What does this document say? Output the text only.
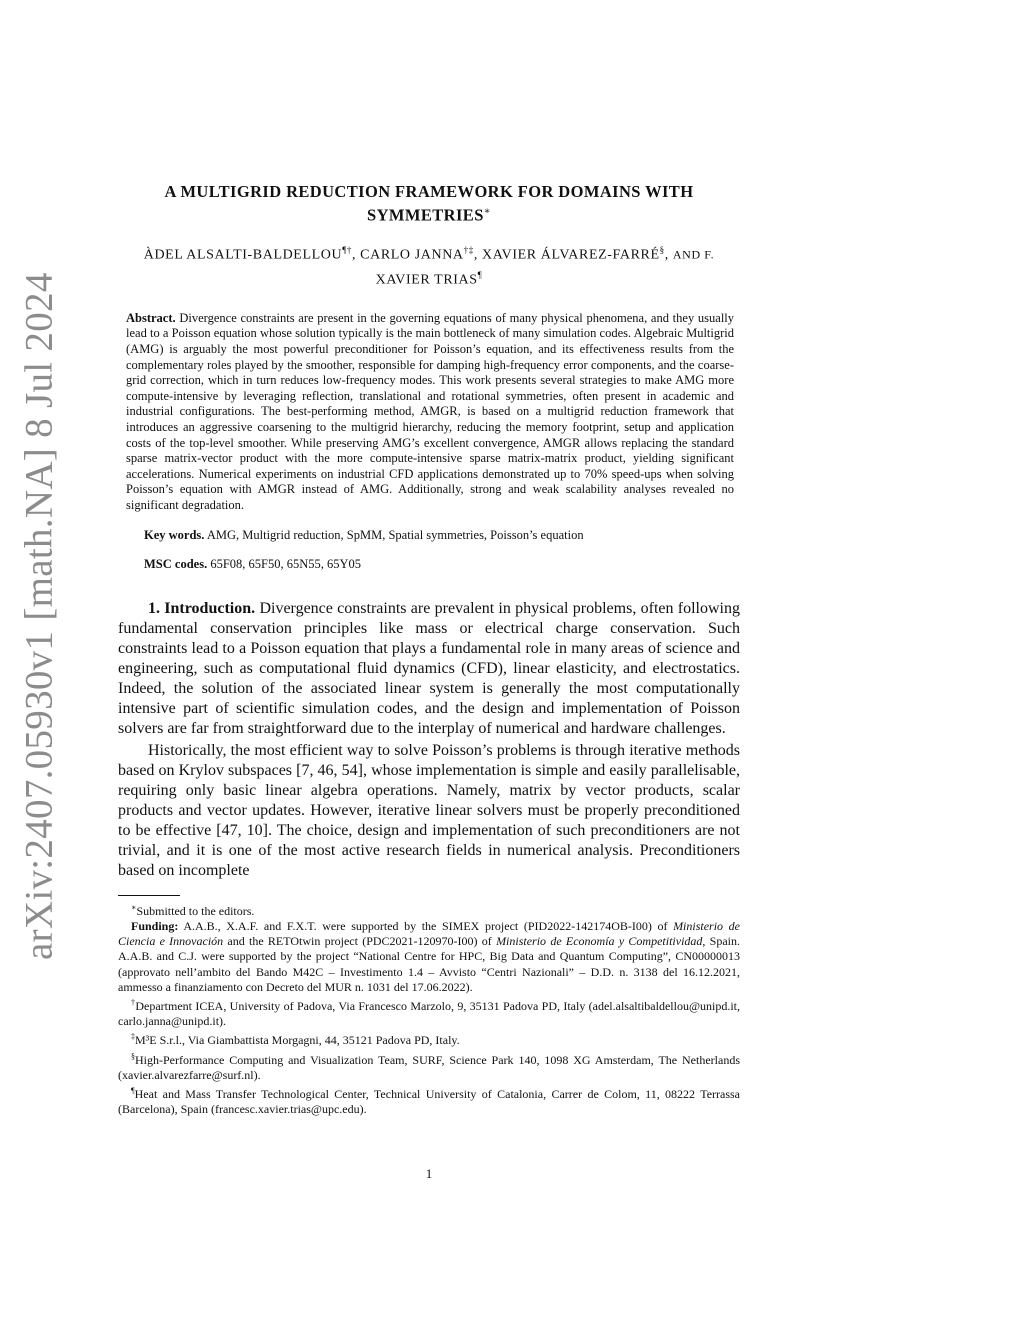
arXiv:2407.05930v1 [math.NA] 8 Jul 2024
A MULTIGRID REDUCTION FRAMEWORK FOR DOMAINS WITH
SYMMETRIES∗
ÀDEL ALSALTI-BALDELLOU¶†, CARLO JANNA†‡, XAVIER ÁLVAREZ-FARRÉ§, AND F.
XAVIER TRIAS¶
Abstract. Divergence constraints are present in the governing equations of many physical phenomena, and they usually lead to a Poisson equation whose solution typically is the main bottleneck of many simulation codes. Algebraic Multigrid (AMG) is arguably the most powerful preconditioner for Poisson’s equation, and its effectiveness results from the complementary roles played by the smoother, responsible for damping high-frequency error components, and the coarse-grid correction, which in turn reduces low-frequency modes. This work presents several strategies to make AMG more compute-intensive by leveraging reflection, translational and rotational symmetries, often present in academic and industrial configurations. The best-performing method, AMGR, is based on a multigrid reduction framework that introduces an aggressive coarsening to the multigrid hierarchy, reducing the memory footprint, setup and application costs of the top-level smoother. While preserving AMG’s excellent convergence, AMGR allows replacing the standard sparse matrix-vector product with the more compute-intensive sparse matrix-matrix product, yielding significant accelerations. Numerical experiments on industrial CFD applications demonstrated up to 70% speed-ups when solving Poisson’s equation with AMGR instead of AMG. Additionally, strong and weak scalability analyses revealed no significant degradation.
Key words. AMG, Multigrid reduction, SpMM, Spatial symmetries, Poisson’s equation
MSC codes. 65F08, 65F50, 65N55, 65Y05

1. Introduction. Divergence constraints are prevalent in physical problems, often following fundamental conservation principles like mass or electrical charge conservation. Such constraints lead to a Poisson equation that plays a fundamental role in many areas of science and engineering, such as computational fluid dynamics (CFD), linear elasticity, and electrostatics. Indeed, the solution of the associated linear system is generally the most computationally intensive part of scientific simulation codes, and the design and implementation of Poisson solvers are far from straightforward due to the interplay of numerical and hardware challenges.

Historically, the most efficient way to solve Poisson’s problems is through iterative methods based on Krylov subspaces [7, 46, 54], whose implementation is simple and easily parallelisable, requiring only basic linear algebra operations. Namely, matrix by vector products, scalar products and vector updates. However, iterative linear solvers must be properly preconditioned to be effective [47, 10]. The choice, design and implementation of such preconditioners are not trivial, and it is one of the most active research fields in numerical analysis. Preconditioners based on incomplete

∗Submitted to the editors.

Funding: A.A.B., X.A.F. and F.X.T. were supported by the SIMEX project (PID2022-142174OB-I00) of Ministerio de Ciencia e Innovación and the RETOtwin project (PDC2021-120970-I00) of Ministerio de Economía y Competitividad, Spain. A.A.B. and C.J. were supported by the project “National Centre for HPC, Big Data and Quantum Computing”, CN00000013 (approvato nell’ambito del Bando M42C – Investimento 1.4 – Avvisto “Centri Nazionali” – D.D. n. 3138 del 16.12.2021, ammesso a finanziamento con Decreto del MUR n. 1031 del 17.06.2022).

†Department ICEA, University of Padova, Via Francesco Marzolo, 9, 35131 Padova PD, Italy (adel.alsaltibaldellou@unipd.it, carlo.janna@unipd.it).

‡M³E S.r.l., Via Giambattista Morgagni, 44, 35121 Padova PD, Italy.

§High-Performance Computing and Visualization Team, SURF, Science Park 140, 1098 XG Amsterdam, The Netherlands (xavier.alvarezfarre@surf.nl).

¶Heat and Mass Transfer Technological Center, Technical University of Catalonia, Carrer de Colom, 11, 08222 Terrassa (Barcelona), Spain (francesc.xavier.trias@upc.edu).

1
